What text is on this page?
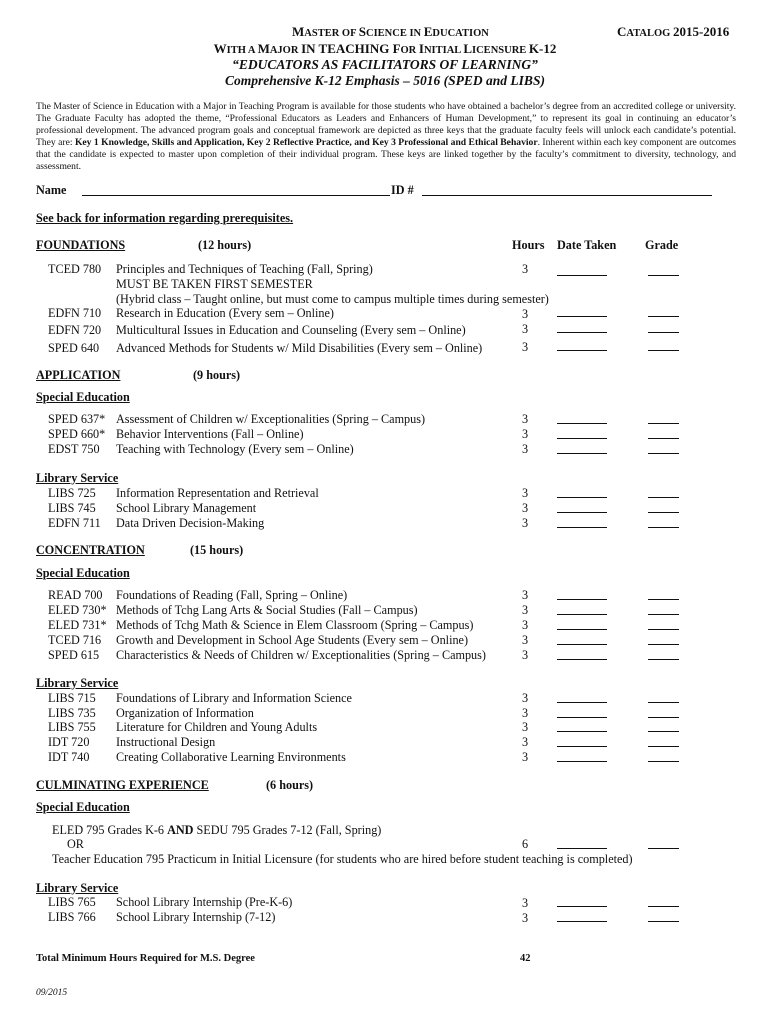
MASTER OF SCIENCE IN EDUCATION	CATALOG 2015-2016
WITH A MAJOR IN TEACHING FOR INITIAL LICENSURE K-12
“EDUCATORS AS FACILITATORS OF LEARNING”
Comprehensive K-12 Emphasis – 5016 (SPED and LIBS)
The Master of Science in Education with a Major in Teaching Program is available for those students who have obtained a bachelor’s degree from an accredited college or university. The Graduate Faculty has adopted the theme, “Professional Educators as Leaders and Enhancers of Human Development,” to represent its goal in continuing an educator’s professional development. The advanced program goals and conceptual framework are depicted as three keys that the graduate faculty feels will unlock each candidate’s potential. They are: Key 1 Knowledge, Skills and Application, Key 2 Reflective Practice, and Key 3 Professional and Ethical Behavior. Inherent within each key component are outcomes that the candidate is expected to master upon completion of their individual program. These keys are linked together by the faculty’s commitment to diversity, technology, and assessment.
Name	ID #
See back for information regarding prerequisites.
FOUNDATIONS	(12 hours)	Hours Date Taken Grade
TCED 780 Principles and Techniques of Teaching (Fall, Spring)	3
MUST BE TAKEN FIRST SEMESTER
(Hybrid class – Taught online, but must come to campus multiple times during semester)
EDFN 710 Research in Education (Every sem – Online)	3
EDFN 720 Multicultural Issues in Education and Counseling (Every sem – Online)	3
SPED 640 Advanced Methods for Students w/ Mild Disabilities (Every sem – Online)	3
APPLICATION	(9 hours)
Special Education
SPED 637* Assessment of Children w/ Exceptionalities (Spring – Campus)	3
SPED 660* Behavior Interventions (Fall – Online)	3
EDST 750 Teaching with Technology (Every sem – Online)	3
Library Service
LIBS 725 Information Representation and Retrieval	3
LIBS 745 School Library Management	3
EDFN 711 Data Driven Decision-Making	3
CONCENTRATION	(15 hours)
Special Education
READ 700 Foundations of Reading (Fall, Spring – Online)	3
ELED 730* Methods of Tchg Lang Arts & Social Studies (Fall – Campus)	3
ELED 731* Methods of Tchg Math & Science in Elem Classroom (Spring – Campus)	3
TCED 716 Growth and Development in School Age Students (Every sem – Online)	3
SPED 615 Characteristics & Needs of Children w/ Exceptionalities (Spring – Campus)	3
Library Service
LIBS 715 Foundations of Library and Information Science	3
LIBS 735 Organization of Information	3
LIBS 755 Literature for Children and Young Adults	3
IDT 720 Instructional Design	3
IDT 740 Creating Collaborative Learning Environments	3
CULMINATING EXPERIENCE	(6 hours)
Special Education
ELED 795 Grades K-6 AND SEDU 795 Grades 7-12 (Fall, Spring)
OR	6
Teacher Education 795 Practicum in Initial Licensure (for students who are hired before student teaching is completed)
Library Service
LIBS 765 School Library Internship (Pre-K-6)	3
LIBS 766 School Library Internship (7-12)	3
Total Minimum Hours Required for M.S. Degree	42
09/2015
